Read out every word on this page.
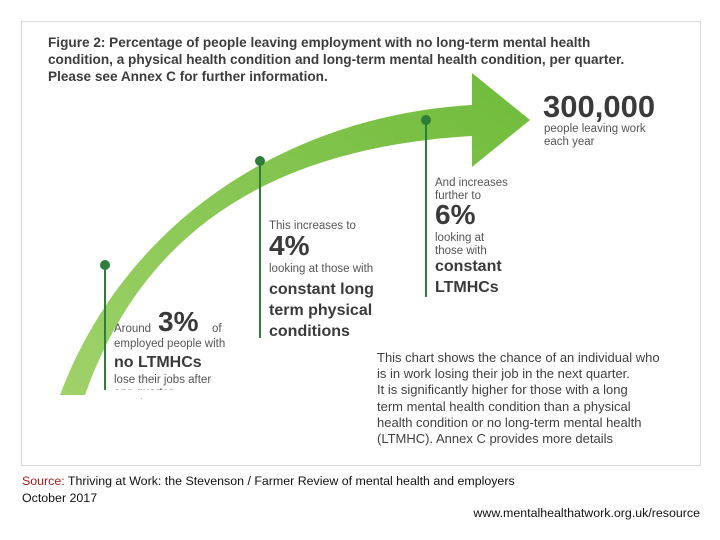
Figure 2: Percentage of people leaving employment with no long-term mental health
condition, a physical health condition and long-term mental health condition, per quarter.
Please see Annex C for further information.
300,000
people leaving work
each year
Around 3% of
employed people with
no LTMHCs
lose their jobs after
This increases to
4%
looking at those with
constant long
term physical
conditions
And increases
further to
6%
looking at
those with
constant
LTMHCs
This chart shows the chance of an individual who
is in work losing their job in the next quarter.
It is significantly higher for those with a long
term mental health condition than a physical
health condition or no long-term mental health
(LTMHC). Annex C provides more details
Source: Thriving at Work: the Stevenson / Farmer Review of mental health and employers
October 2017
www.mentalhealthatwork.org.uk/resource
